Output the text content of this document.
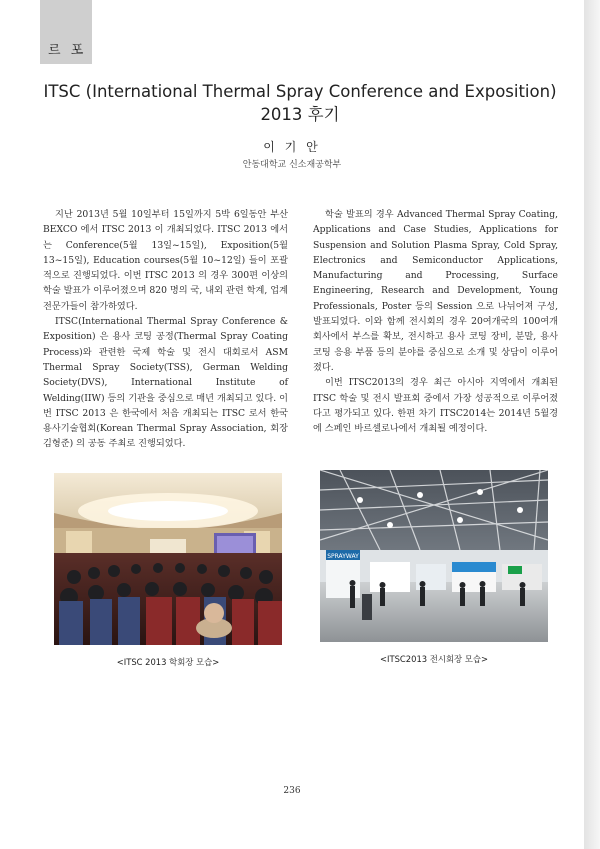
르 포
ITSC (International Thermal Spray Conference and Exposition)
2013 후기
이 기 안
안동대학교 신소재공학부

지난 2013년 5월 10일부터 15일까지 5박 6일동안 부산 BEXCO 에서 ITSC 2013 이 개최되었다. ITSC 2013 에서는 Conference(5월 13일~15일), Exposition(5월 13~15일), Education courses(5월 10~12일) 들이 포괄적으로 진행되었다. 이번 ITSC 2013 의 경우 300편 이상의 학술 발표가 이루어졌으며 820 명의 국, 내외 관련 학계, 업계 전문가들이 참가하였다.

ITSC(International Thermal Spray Conference & Exposition) 은 용사 코팅 공정(Thermal Spray Coating Process)와 관련한 국제 학술 및 전시 대회로서 ASM Thermal Spray Society(TSS), German Welding Society(DVS), International Institute of Welding(IIW) 등의 기관을 중심으로 매년 개최되고 있다. 이번 ITSC 2013 은 한국에서 처음 개최되는 ITSC 로서 한국용사기술협회(Korean Thermal Spray Association, 회장 김형준) 의 공동 주최로 진행되었다.

학술 발표의 경우 Advanced Thermal Spray Coating, Applications and Case Studies, Applications for Suspension and Solution Plasma Spray, Cold Spray, Electronics and Semiconductor Applications, Manufacturing and Processing, Surface Engineering, Research and Development, Young Professionals, Poster 등의 Session 으로 나뉘어져 구성, 발표되었다. 이와 함께 전시회의 경우 20여개국의 100여개 회사에서 부스를 확보, 전시하고 용사 코팅 장비, 분말, 용사 코팅 응용 부품 등의 분야를 중심으로 소개 및 상담이 이루어졌다.

이번 ITSC2013의 경우 최근 아시아 지역에서 개최된 ITSC 학술 및 전시 발표회 중에서 가장 성공적으로 이루어졌다고 평가되고 있다. 한편 차기 ITSC2014는 2014년 5월경에 스페인 바르셀로나에서 개최될 예정이다.

SPRAYWAY
<ITSC 2013 학회장 모습>	<ITSC2013 전시회장 모습>
236
